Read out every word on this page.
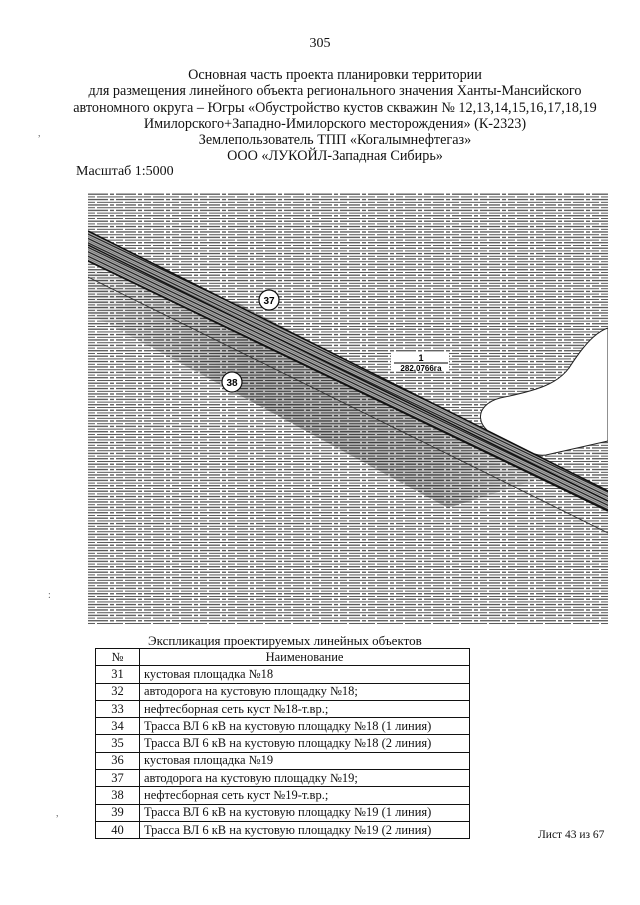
305
Основная часть проекта планировки территории
для размещения линейного объекта регионального значения Ханты-Мансийского
автономного округа – Югры «Обустройство кустов скважин № 12,13,14,15,16,17,18,19
Имилорского+Западно-Имилорского месторождения» (К-2323)
Землепользователь ТПП «Когалымнефтегаз»
ООО «ЛУКОЙЛ-Западная Сибирь»
Масштаб 1:5000
37
38
1
282,0766га
Экспликация проектируемых линейных объектов
№	Наименование
31	кустовая площадка №18
32	автодорога на кустовую площадку №18;
33	нефтесборная сеть куст №18-т.вр.;
34	Трасса ВЛ 6 кВ на кустовую площадку №18 (1 линия)
35	Трасса ВЛ 6 кВ на кустовую площадку №18 (2 линия)
36	кустовая площадка №19
37	автодорога на кустовую площадку №19;
38	нефтесборная сеть куст №19-т.вр.;
39	Трасса ВЛ 6 кВ на кустовую площадку №19 (1 линия)
40	Трасса ВЛ 6 кВ на кустовую площадку №19 (2 линия)	Лист 43 из 67
,
:
,
